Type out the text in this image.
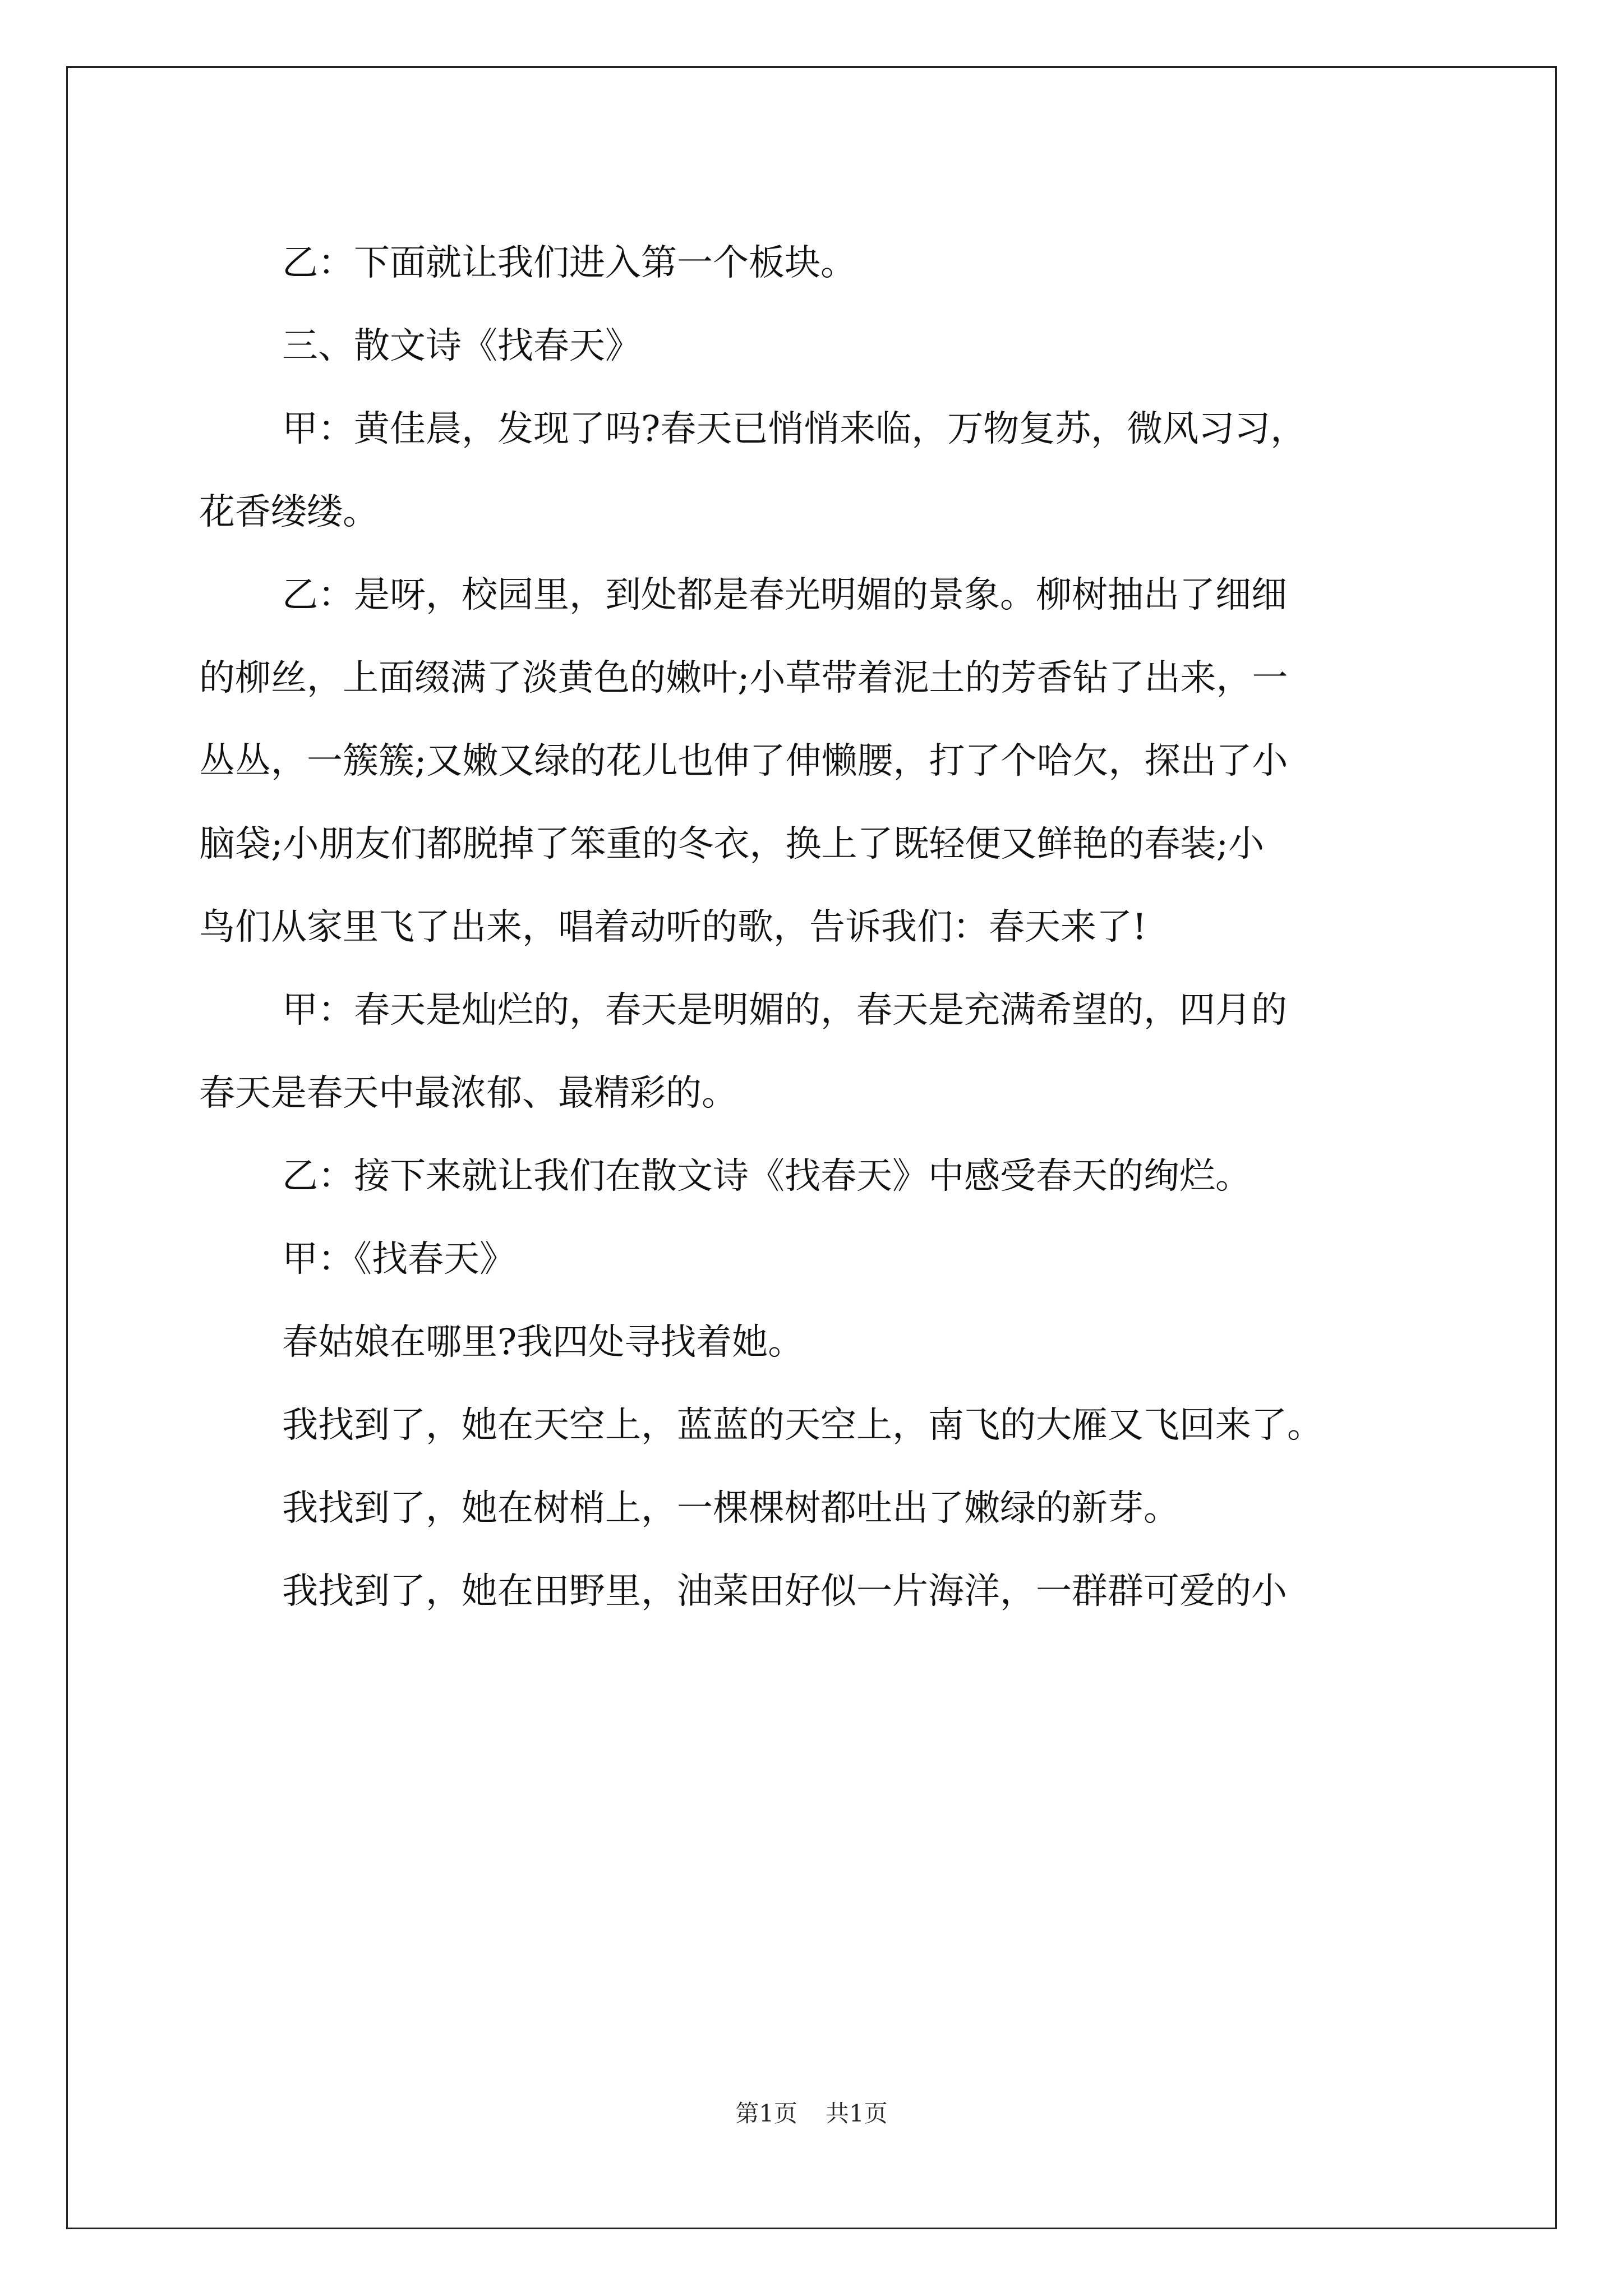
乙：下面就让我们进入第一个板块。

三、散文诗《找春天》

甲：黄佳晨，发现了吗?春天已悄悄来临，万物复苏，微风习习，

花香缕缕。

乙：是呀，校园里，到处都是春光明媚的景象。柳树抽出了细细

的柳丝，上面缀满了淡黄色的嫩叶;小草带着泥土的芳香钻了出来，一

丛丛，一簇簇;又嫩又绿的花儿也伸了伸懒腰，打了个哈欠，探出了小

脑袋;小朋友们都脱掉了笨重的冬衣，换上了既轻便又鲜艳的春装;小

鸟们从家里飞了出来，唱着动听的歌，告诉我们：春天来了!

甲：春天是灿烂的，春天是明媚的，春天是充满希望的，四月的

春天是春天中最浓郁、最精彩的。

乙：接下来就让我们在散文诗《找春天》中感受春天的绚烂。

甲：《找春天》

春姑娘在哪里?我四处寻找着她。

我找到了，她在天空上，蓝蓝的天空上，南飞的大雁又飞回来了。

我找到了，她在树梢上，一棵棵树都吐出了嫩绿的新芽。

我找到了，她在田野里，油菜田好似一片海洋，一群群可爱的小

第1页 共1页
